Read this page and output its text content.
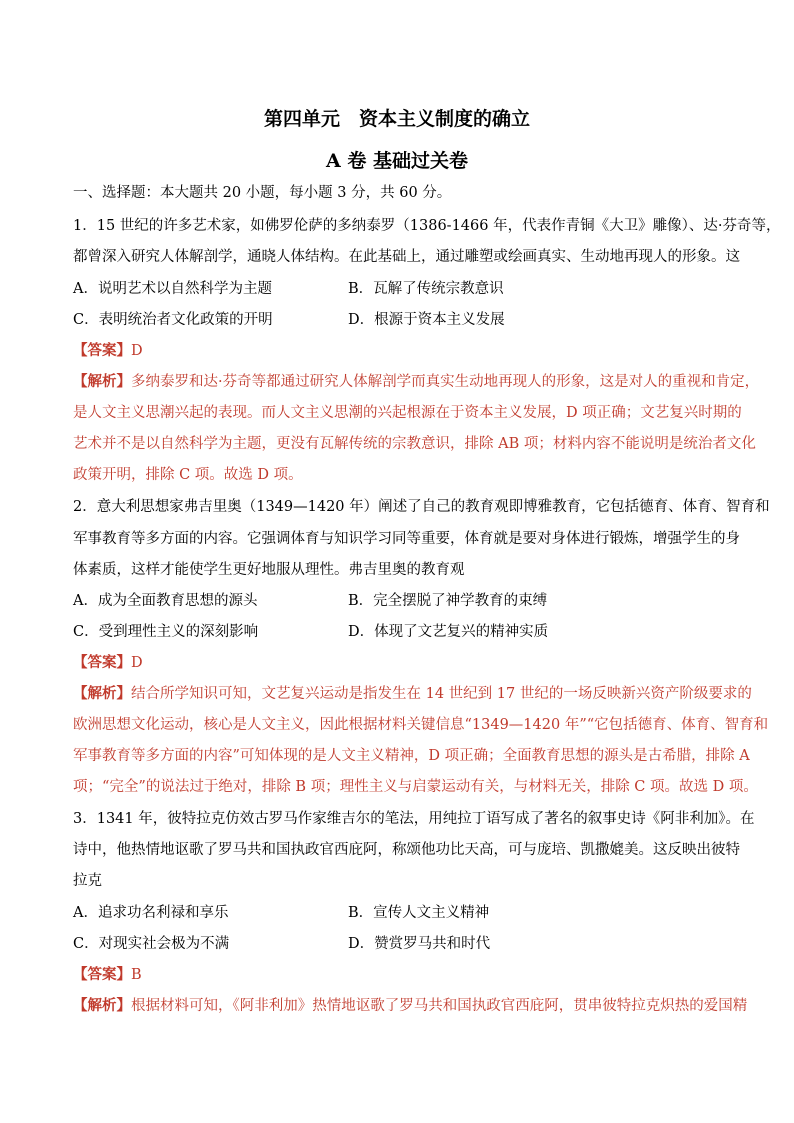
第四单元　资本主义制度的确立
A 卷 基础过关卷

一、选择题：本大题共 20 小题，每小题 3 分，共 60 分。

1．15 世纪的许多艺术家，如佛罗伦萨的多纳泰罗（1386-1466 年，代表作青铜《大卫》雕像）、达·芬奇等，

都曾深入研究人体解剖学，通晓人体结构。在此基础上，通过雕塑或绘画真实、生动地再现人的形象。这

A．说明艺术以自然科学为主题	B．瓦解了传统宗教意识
C．表明统治者文化政策的开明	D．根源于资本主义发展

【答案】D

【解析】多纳泰罗和达·芬奇等都通过研究人体解剖学而真实生动地再现人的形象，这是对人的重视和肯定，

是人文主义思潮兴起的表现。而人文主义思潮的兴起根源在于资本主义发展，D 项正确；文艺复兴时期的

艺术并不是以自然科学为主题，更没有瓦解传统的宗教意识，排除 AB 项；材料内容不能说明是统治者文化

政策开明，排除 C 项。故选 D 项。

2．意大利思想家弗吉里奥（1349—1420 年）阐述了自己的教育观即博雅教育，它包括德育、体育、智育和

军事教育等多方面的内容。它强调体育与知识学习同等重要，体育就是要对身体进行锻炼，增强学生的身

体素质，这样才能使学生更好地服从理性。弗吉里奥的教育观

A．成为全面教育思想的源头	B．完全摆脱了神学教育的束缚
C．受到理性主义的深刻影响	D．体现了文艺复兴的精神实质

【答案】D

【解析】结合所学知识可知，文艺复兴运动是指发生在 14 世纪到 17 世纪的一场反映新兴资产阶级要求的

欧洲思想文化运动，核心是人文主义，因此根据材料关键信息“1349—1420 年”“它包括德育、体育、智育和

军事教育等多方面的内容”可知体现的是人文主义精神，D 项正确；全面教育思想的源头是古希腊，排除 A

项；“完全”的说法过于绝对，排除 B 项；理性主义与启蒙运动有关，与材料无关，排除 C 项。故选 D 项。

3．1341 年，彼特拉克仿效古罗马作家维吉尔的笔法，用纯拉丁语写成了著名的叙事史诗《阿非利加》。在

诗中，他热情地讴歌了罗马共和国执政官西庇阿，称颂他功比天高，可与庞培、凯撒媲美。这反映出彼特

拉克

A．追求功名利禄和享乐	B．宣传人文主义精神
C．对现实社会极为不满	D．赞赏罗马共和时代

【答案】B

【解析】根据材料可知，《阿非利加》热情地讴歌了罗马共和国执政官西庇阿，贯串彼特拉克炽热的爱国精
